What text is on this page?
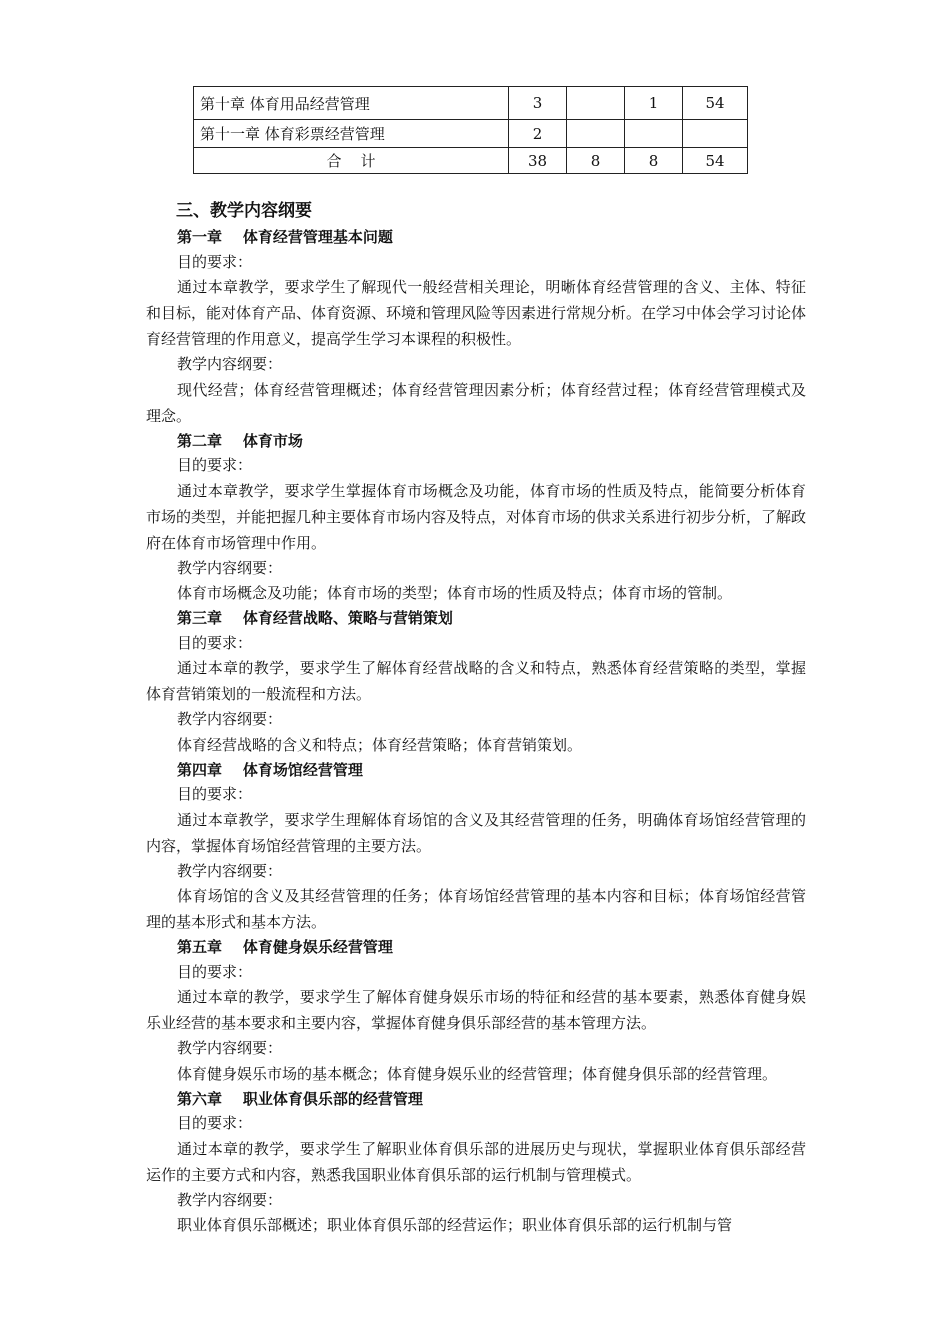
第十章 体育用品经营管理	3		1	54
第十一章 体育彩票经营管理	2			
合    计	38	8	8	54
三、教学内容纲要
第一章    体育经营管理基本问题
目的要求：

通过本章教学，要求学生了解现代一般经营相关理论，明晰体育经营管理的含义、主体、特征和目标，能对体育产品、体育资源、环境和管理风险等因素进行常规分析。在学习中体会学习讨论体育经营管理的作用意义，提高学生学习本课程的积极性。

教学内容纲要：

现代经营；体育经营管理概述；体育经营管理因素分析；体育经营过程；体育经营管理模式及理念。

第二章    体育市场
目的要求：

通过本章教学，要求学生掌握体育市场概念及功能，体育市场的性质及特点，能简要分析体育市场的类型，并能把握几种主要体育市场内容及特点，对体育市场的供求关系进行初步分析，了解政府在体育市场管理中作用。

教学内容纲要：

体育市场概念及功能；体育市场的类型；体育市场的性质及特点；体育市场的管制。

第三章    体育经营战略、策略与营销策划
目的要求：

通过本章的教学，要求学生了解体育经营战略的含义和特点，熟悉体育经营策略的类型，掌握体育营销策划的一般流程和方法。

教学内容纲要：

体育经营战略的含义和特点；体育经营策略；体育营销策划。

第四章    体育场馆经营管理
目的要求：

通过本章教学，要求学生理解体育场馆的含义及其经营管理的任务，明确体育场馆经营管理的内容，掌握体育场馆经营管理的主要方法。

教学内容纲要：

体育场馆的含义及其经营管理的任务；体育场馆经营管理的基本内容和目标；体育场馆经营管理的基本形式和基本方法。

第五章    体育健身娱乐经营管理
目的要求：

通过本章的教学，要求学生了解体育健身娱乐市场的特征和经营的基本要素，熟悉体育健身娱乐业经营的基本要求和主要内容，掌握体育健身俱乐部经营的基本管理方法。

教学内容纲要：

体育健身娱乐市场的基本概念；体育健身娱乐业的经营管理；体育健身俱乐部的经营管理。

第六章    职业体育俱乐部的经营管理
目的要求：

通过本章的教学，要求学生了解职业体育俱乐部的进展历史与现状，掌握职业体育俱乐部经营运作的主要方式和内容，熟悉我国职业体育俱乐部的运行机制与管理模式。

教学内容纲要：

职业体育俱乐部概述；职业体育俱乐部的经营运作；职业体育俱乐部的运行机制与管
